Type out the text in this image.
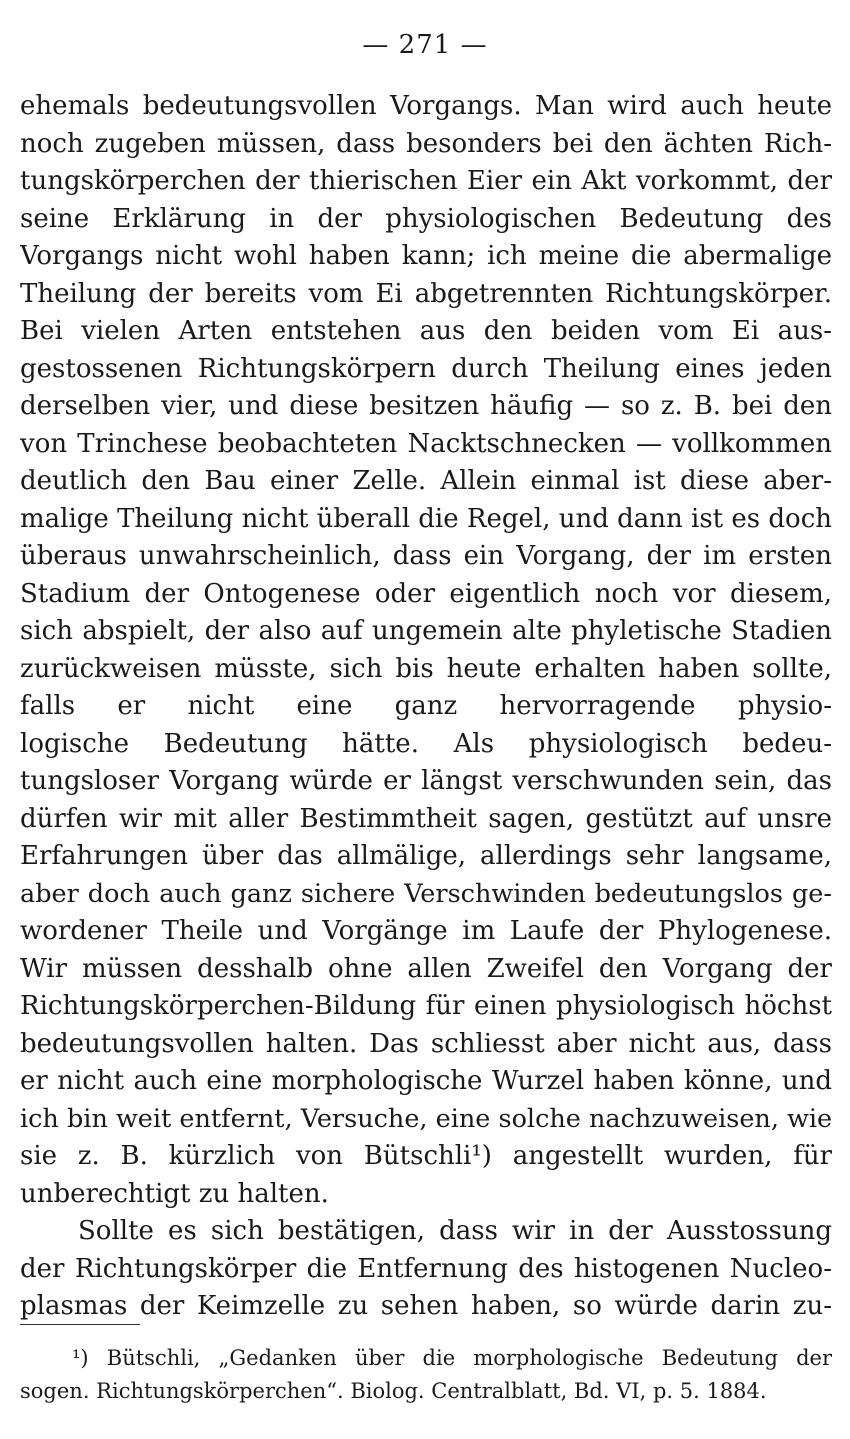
— 271 —
ehemals bedeutungsvollen Vorgangs. Man wird auch heute
noch zugeben müssen, dass besonders bei den ächten Rich-
tungskörperchen der thierischen Eier ein Akt vorkommt, der
seine Erklärung in der physiologischen Bedeutung des
Vorgangs nicht wohl haben kann; ich meine die abermalige
Theilung der bereits vom Ei abgetrennten Richtungskörper.
Bei vielen Arten entstehen aus den beiden vom Ei aus-
gestossenen Richtungskörpern durch Theilung eines jeden
derselben vier, und diese besitzen häufig — so z. B. bei den
von Trinchese beobachteten Nacktschnecken — vollkommen
deutlich den Bau einer Zelle. Allein einmal ist diese aber-
malige Theilung nicht überall die Regel, und dann ist es doch
überaus unwahrscheinlich, dass ein Vorgang, der im ersten
Stadium der Ontogenese oder eigentlich noch vor diesem,
sich abspielt, der also auf ungemein alte phyletische Stadien
zurückweisen müsste, sich bis heute erhalten haben sollte,
falls er nicht eine ganz hervorragende physio-
logische Bedeutung hätte. Als physiologisch bedeu-
tungsloser Vorgang würde er längst verschwunden sein, das
dürfen wir mit aller Bestimmtheit sagen, gestützt auf unsre
Erfahrungen über das allmälige, allerdings sehr langsame,
aber doch auch ganz sichere Verschwinden bedeutungslos ge-
wordener Theile und Vorgänge im Laufe der Phylogenese.
Wir müssen desshalb ohne allen Zweifel den Vorgang der
Richtungskörperchen-Bildung für einen physiologisch höchst
bedeutungsvollen halten. Das schliesst aber nicht aus, dass
er nicht auch eine morphologische Wurzel haben könne, und
ich bin weit entfernt, Versuche, eine solche nachzuweisen, wie
sie z. B. kürzlich von Bütschli¹) angestellt wurden, für
unberechtigt zu halten.
Sollte es sich bestätigen, dass wir in der Ausstossung
der Richtungskörper die Entfernung des histogenen Nucleo-
plasmas der Keimzelle zu sehen haben, so würde darin zu-
¹) Bütschli, „Gedanken über die morphologische Bedeutung der
sogen. Richtungskörperchen“. Biolog. Centralblatt, Bd. VI, p. 5. 1884.
